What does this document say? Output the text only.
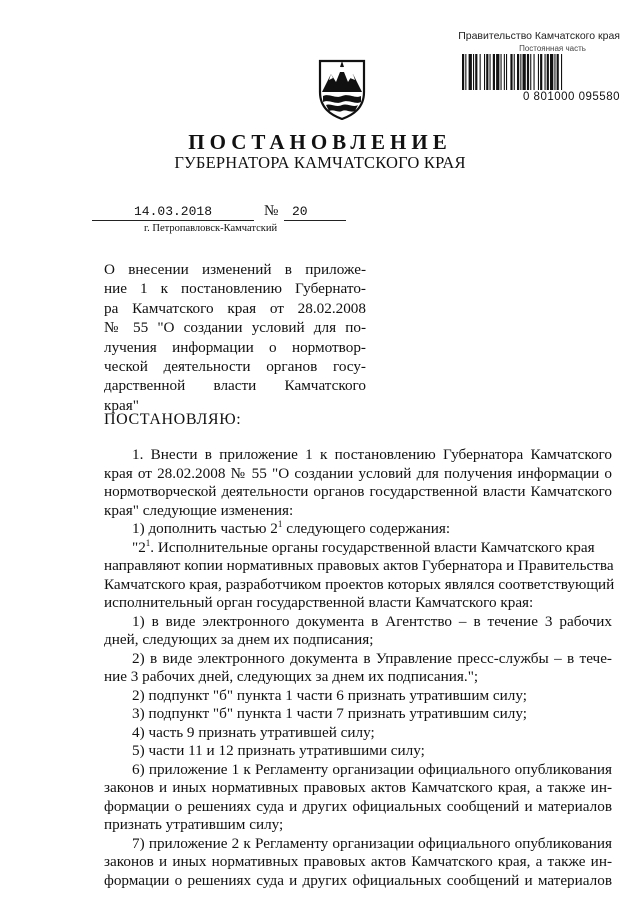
Правительство Камчатского края
Постоянная часть
0 801000 095580
ПОСТАНОВЛЕНИЕ
ГУБЕРНАТОРА КАМЧАТСКОГО КРАЯ
14.03.2018	№	20
г. Петропавловск-Камчатский
О внесении изменений в приложе-
ние 1 к постановлению Губернато-
ра Камчатского края от 28.02.2008
№ 55 "О создании условий для по-
лучения информации о нормотвор-
ческой деятельности органов госу-
дарственной власти Камчатского
края"
ПОСТАНОВЛЯЮ:
1. Внести в приложение 1 к постановлению Губернатора Камчатского
края от 28.02.2008 № 55 "О создании условий для получения информации о
нормотворческой деятельности органов государственной власти Камчатского
края" следующие изменения:
1) дополнить частью $2^1$ следующего содержания:
"$2^1$. Исполнительные органы государственной власти Камчатского края
направляют копии нормативных правовых актов Губернатора и Правительства
Камчатского края, разработчиком проектов которых являлся соответствующий
исполнительный орган государственной власти Камчатского края:
1) в виде электронного документа в Агентство – в течение 3 рабочих
дней, следующих за днем их подписания;
2) в виде электронного документа в Управление пресс-службы – в тече-
ние 3 рабочих дней, следующих за днем их подписания.";
2) подпункт "б" пункта 1 части 6 признать утратившим силу;
3) подпункт "б" пункта 1 части 7 признать утратившим силу;
4) часть 9 признать утратившей силу;
5) части 11 и 12 признать утратившими силу;
6) приложение 1 к Регламенту организации официального опубликования
законов и иных нормативных правовых актов Камчатского края, а также ин-
формации о решениях суда и других официальных сообщений и материалов
признать утратившим силу;
7) приложение 2 к Регламенту организации официального опубликования
законов и иных нормативных правовых актов Камчатского края, а также ин-
формации о решениях суда и других официальных сообщений и материалов
